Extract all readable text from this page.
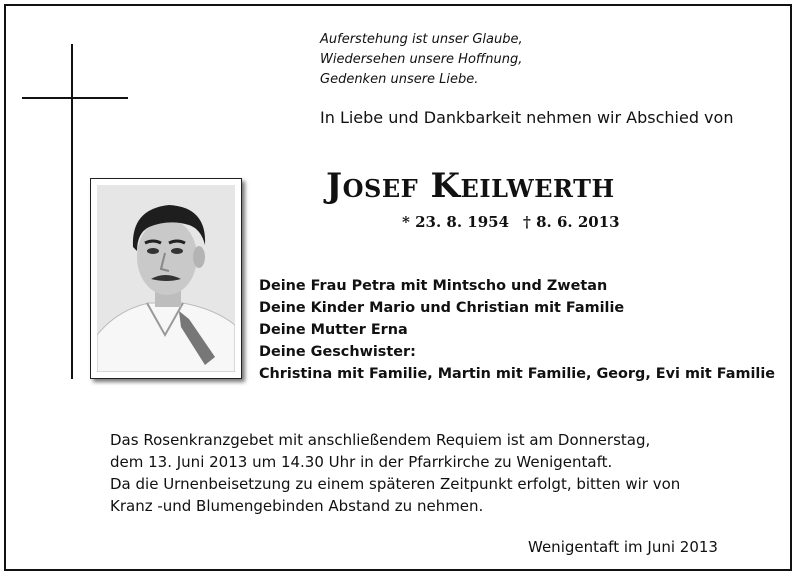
Auferstehung ist unser Glaube,
Wiedersehen unsere Hoffnung,
Gedenken unsere Liebe.
In Liebe und Dankbarkeit nehmen wir Abschied von
Josef Keilwerth
* 23. 8. 1954 † 8. 6. 2013
Deine Frau Petra mit Mintscho und Zwetan
Deine Kinder Mario und Christian mit Familie
Deine Mutter Erna
Deine Geschwister:
Christina mit Familie, Martin mit Familie, Georg, Evi mit Familie
Das Rosenkranzgebet mit anschließendem Requiem ist am Donnerstag,
dem 13. Juni 2013 um 14.30 Uhr in der Pfarrkirche zu Wenigentaft.
Da die Urnenbeisetzung zu einem späteren Zeitpunkt erfolgt, bitten wir von
Kranz -und Blumengebinden Abstand zu nehmen.
Wenigentaft im Juni 2013
